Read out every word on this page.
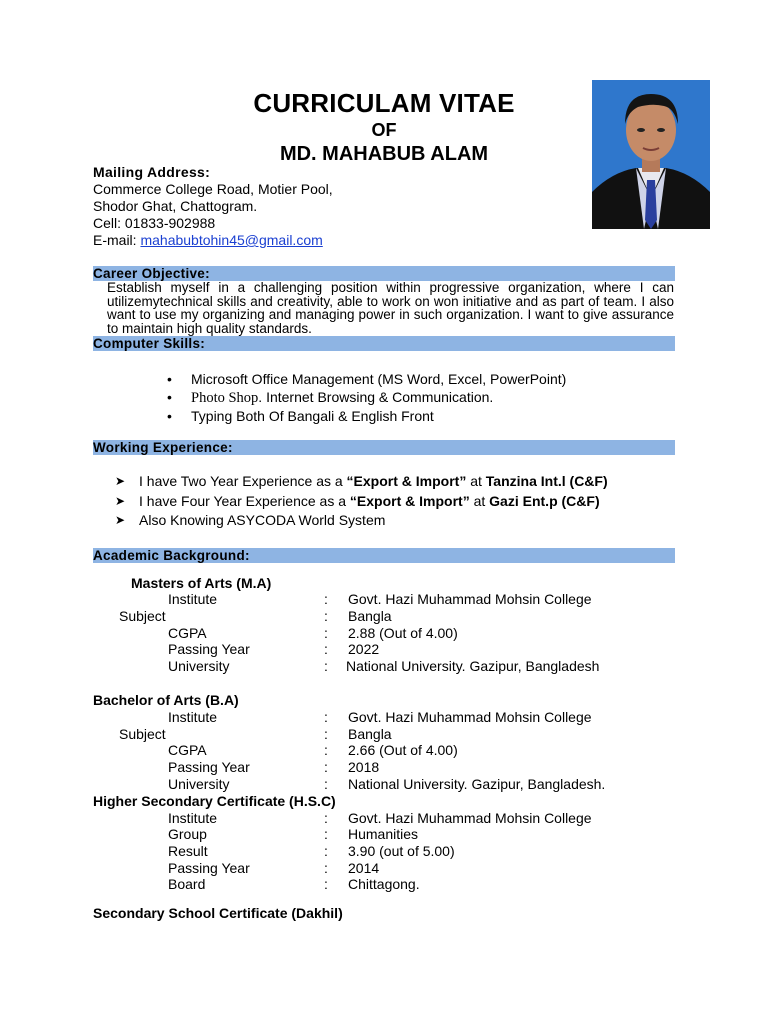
CURRICULAM VITAE
OF
MD. MAHABUB ALAM
Mailing Address:
Commerce College Road, Motier Pool,
Shodor Ghat, Chattogram.
Cell: 01833-902988
E-mail: mahabubtohin45@gmail.com
Career Objective:
Establish myself in a challenging position within progressive organization, where I can utilizemytechnical skills and creativity, able to work on won initiative and as part of team. I also want to use my organizing and managing power in such organization. I want to give assurance to maintain high quality standards.
Computer Skills:
•	Microsoft Office Management (MS Word, Excel, PowerPoint)
•	Photo Shop. Internet Browsing & Communication.
•	Typing Both Of Bangali & English Front
Working Experience:
➤ I have Two Year Experience as a “Export & Import” at Tanzina Int.l (C&F)
➤ I have Four Year Experience as a “Export & Import” at Gazi Ent.p (C&F)
➤ Also Knowing ASYCODA World System
Academic Background:
Masters of Arts (M.A)
Institute	: Govt. Hazi Muhammad Mohsin College
Subject	: Bangla
CGPA	: 2.88 (Out of 4.00)
Passing Year	: 2022
University	: National University. Gazipur, Bangladesh
Bachelor of Arts (B.A)
Institute	: Govt. Hazi Muhammad Mohsin College
Subject	: Bangla
CGPA	: 2.66 (Out of 4.00)
Passing Year	: 2018
University	: National University. Gazipur, Bangladesh.
Higher Secondary Certificate (H.S.C)
Institute	: Govt. Hazi Muhammad Mohsin College
Group	: Humanities
Result	: 3.90 (out of 5.00)
Passing Year	: 2014
Board	: Chittagong.
Secondary School Certificate (Dakhil)
